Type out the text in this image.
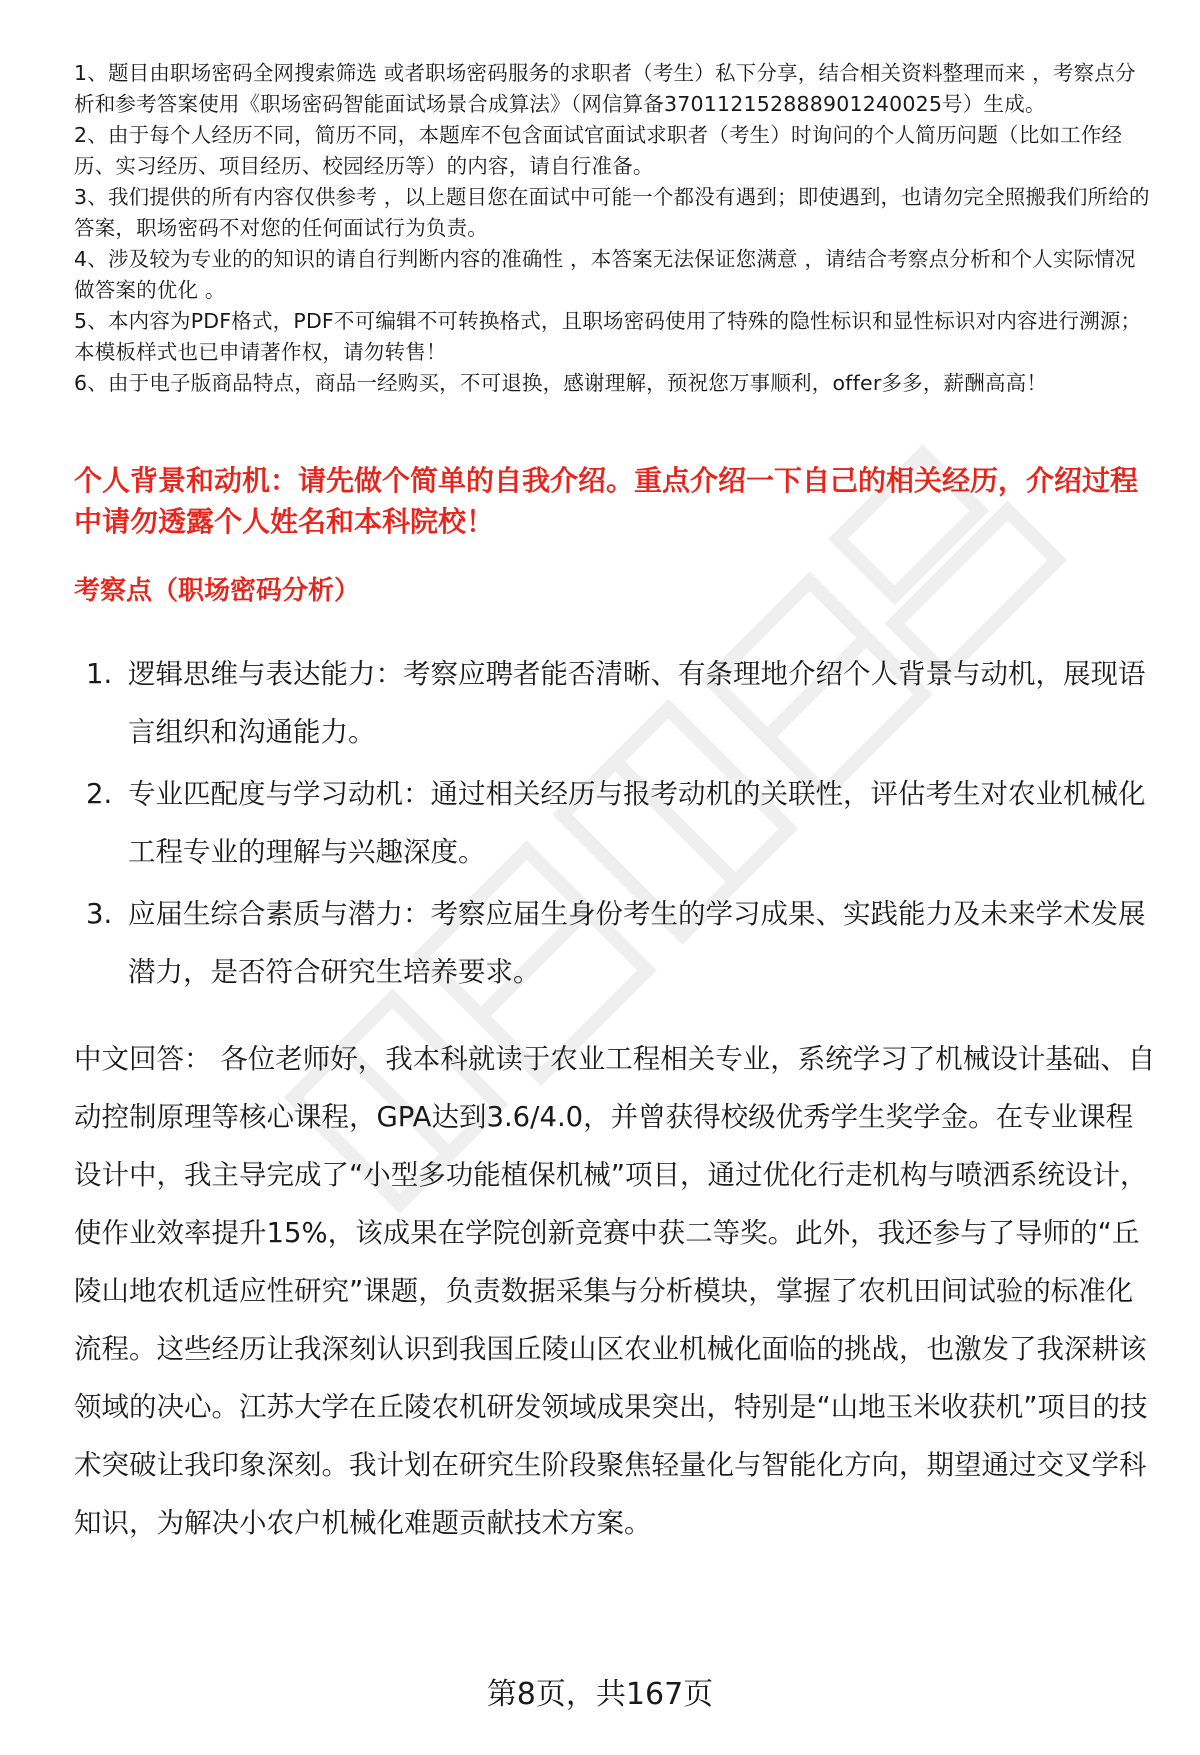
1、题目由职场密码全网搜索筛选 或者职场密码服务的求职者（考生）私下分享，结合相关资料整理而来 ，考察点分析和参考答案使用《职场密码智能面试场景合成算法》（网信算备370112152888901240025号）生成。

2、由于每个人经历不同，简历不同，本题库不包含面试官面试求职者（考生）时询问的个人简历问题（比如工作经历、实习经历、项目经历、校园经历等）的内容，请自行准备。

3、我们提供的所有内容仅供参考 ，以上题目您在面试中可能一个都没有遇到；即使遇到，也请勿完全照搬我们所给的答案，职场密码不对您的任何面试行为负责。

4、涉及较为专业的的知识的请自行判断内容的准确性 ，本答案无法保证您满意 ，请结合考察点分析和个人实际情况做答案的优化 。

5、本内容为PDF格式，PDF不可编辑不可转换格式，且职场密码使用了特殊的隐性标识和显性标识对内容进行溯源；本模板样式也已申请著作权，请勿转售！

6、由于电子版商品特点，商品一经购买，不可退换，感谢理解，预祝您万事顺利，offer多多，薪酬高高！

个人背景和动机：请先做个简单的自我介绍。重点介绍一下自己的相关经历，介绍过程中请勿透露个人姓名和本科院校！
考察点（职场密码分析）
1. 逻辑思维与表达能力：考察应聘者能否清晰、有条理地介绍个人背景与动机，展现语言组织和沟通能力。
2. 专业匹配度与学习动机：通过相关经历与报考动机的关联性，评估考生对农业机械化工程专业的理解与兴趣深度。
3. 应届生综合素质与潜力：考察应届生身份考生的学习成果、实践能力及未来学术发展潜力，是否符合研究生培养要求。

中文回答： 各位老师好，我本科就读于农业工程相关专业，系统学习了机械设计基础、自动控制原理等核心课程，GPA达到3.6/4.0，并曾获得校级优秀学生奖学金。在专业课程设计中，我主导完成了“小型多功能植保机械”项目，通过优化行走机构与喷洒系统设计，使作业效率提升15%，该成果在学院创新竞赛中获二等奖。此外，我还参与了导师的“丘陵山地农机适应性研究”课题，负责数据采集与分析模块，掌握了农机田间试验的标准化流程。这些经历让我深刻认识到我国丘陵山区农业机械化面临的挑战，也激发了我深耕该领域的决心。江苏大学在丘陵农机研发领域成果突出，特别是“山地玉米收获机”项目的技术突破让我印象深刻。我计划在研究生阶段聚焦轻量化与智能化方向，期望通过交叉学科知识，为解决小农户机械化难题贡献技术方案。

第8页，共167页
